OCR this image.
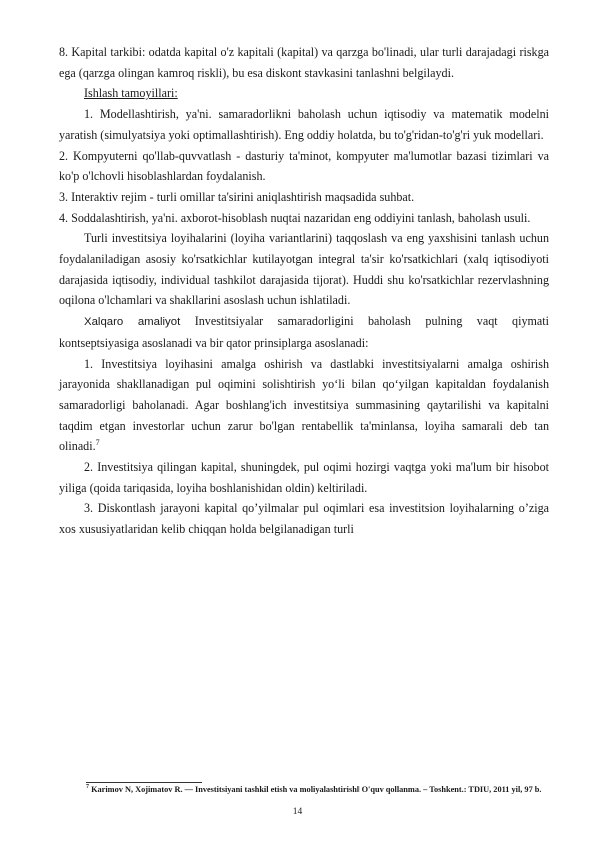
8. Kapital tarkibi: odatda kapital o'z kapitali (kapital) va qarzga bo'linadi, ular turli darajadagi riskga ega (qarzga olingan kamroq riskli), bu esa diskont stavkasini tanlashni belgilaydi.

Ishlash tamoyillari:

1. Modellashtirish, ya'ni. samaradorlikni baholash uchun iqtisodiy va matematik modelni yaratish (simulyatsiya yoki optimallashtirish). Eng oddiy holatda, bu to'g'ridan-to'g'ri yuk modellari.

2. Kompyuterni qo'llab-quvvatlash - dasturiy ta'minot, kompyuter ma'lumotlar bazasi tizimlari va ko'p o'lchovli hisoblashlardan foydalanish.

3. Interaktiv rejim - turli omillar ta'sirini aniqlashtirish maqsadida suhbat.

4. Soddalashtirish, ya'ni. axborot-hisoblash nuqtai nazaridan eng oddiyini tanlash, baholash usuli.

Turli investitsiya loyihalarini (loyiha variantlarini) taqqoslash va eng yaxshisini tanlash uchun foydalaniladigan asosiy ko'rsatkichlar kutilayotgan integral ta'sir ko'rsatkichlari (xalq iqtisodiyoti darajasida iqtisodiy, individual tashkilot darajasida tijorat). Huddi shu ko'rsatkichlar rezervlashning oqilona o'lchamlari va shakllarini asoslash uchun ishlatiladi.

Xalqaro amaliyot Investitsiyalar samaradorligini baholash pulning vaqt qiymati kontseptsiyasiga asoslanadi va bir qator prinsiplarga asoslanadi:

1. Investitsiya loyihasini amalga oshirish va dastlabki investitsiyalarni amalga oshirish jarayonida shakllanadigan pul oqimini solishtirish yo‘li bilan qo‘yilgan kapitaldan foydalanish samaradorligi baholanadi. Agar boshlang'ich investitsiya summasining qaytarilishi va kapitalni taqdim etgan investorlar uchun zarur bo'lgan rentabellik ta'minlansa, loyiha samarali deb tan olinadi.$^7$

2. Investitsiya qilingan kapital, shuningdek, pul oqimi hozirgi vaqtga yoki ma'lum bir hisobot yiliga (qoida tariqasida, loyiha boshlanishidan oldin) keltiriladi.

3. Diskontlash jarayoni kapital qo’yilmalar pul oqimlari esa investitsion loyihalarning o’ziga xos xususiyatlaridan kelib chiqqan holda belgilanadigan turli

$^7$ Karimov N, Xojimatov R. ― Investitsiyani tashkil etish va moliyalashtirish‖ O'quv qollanma. – Toshkent.: TDIU, 2011 yil, 97 b.
14
